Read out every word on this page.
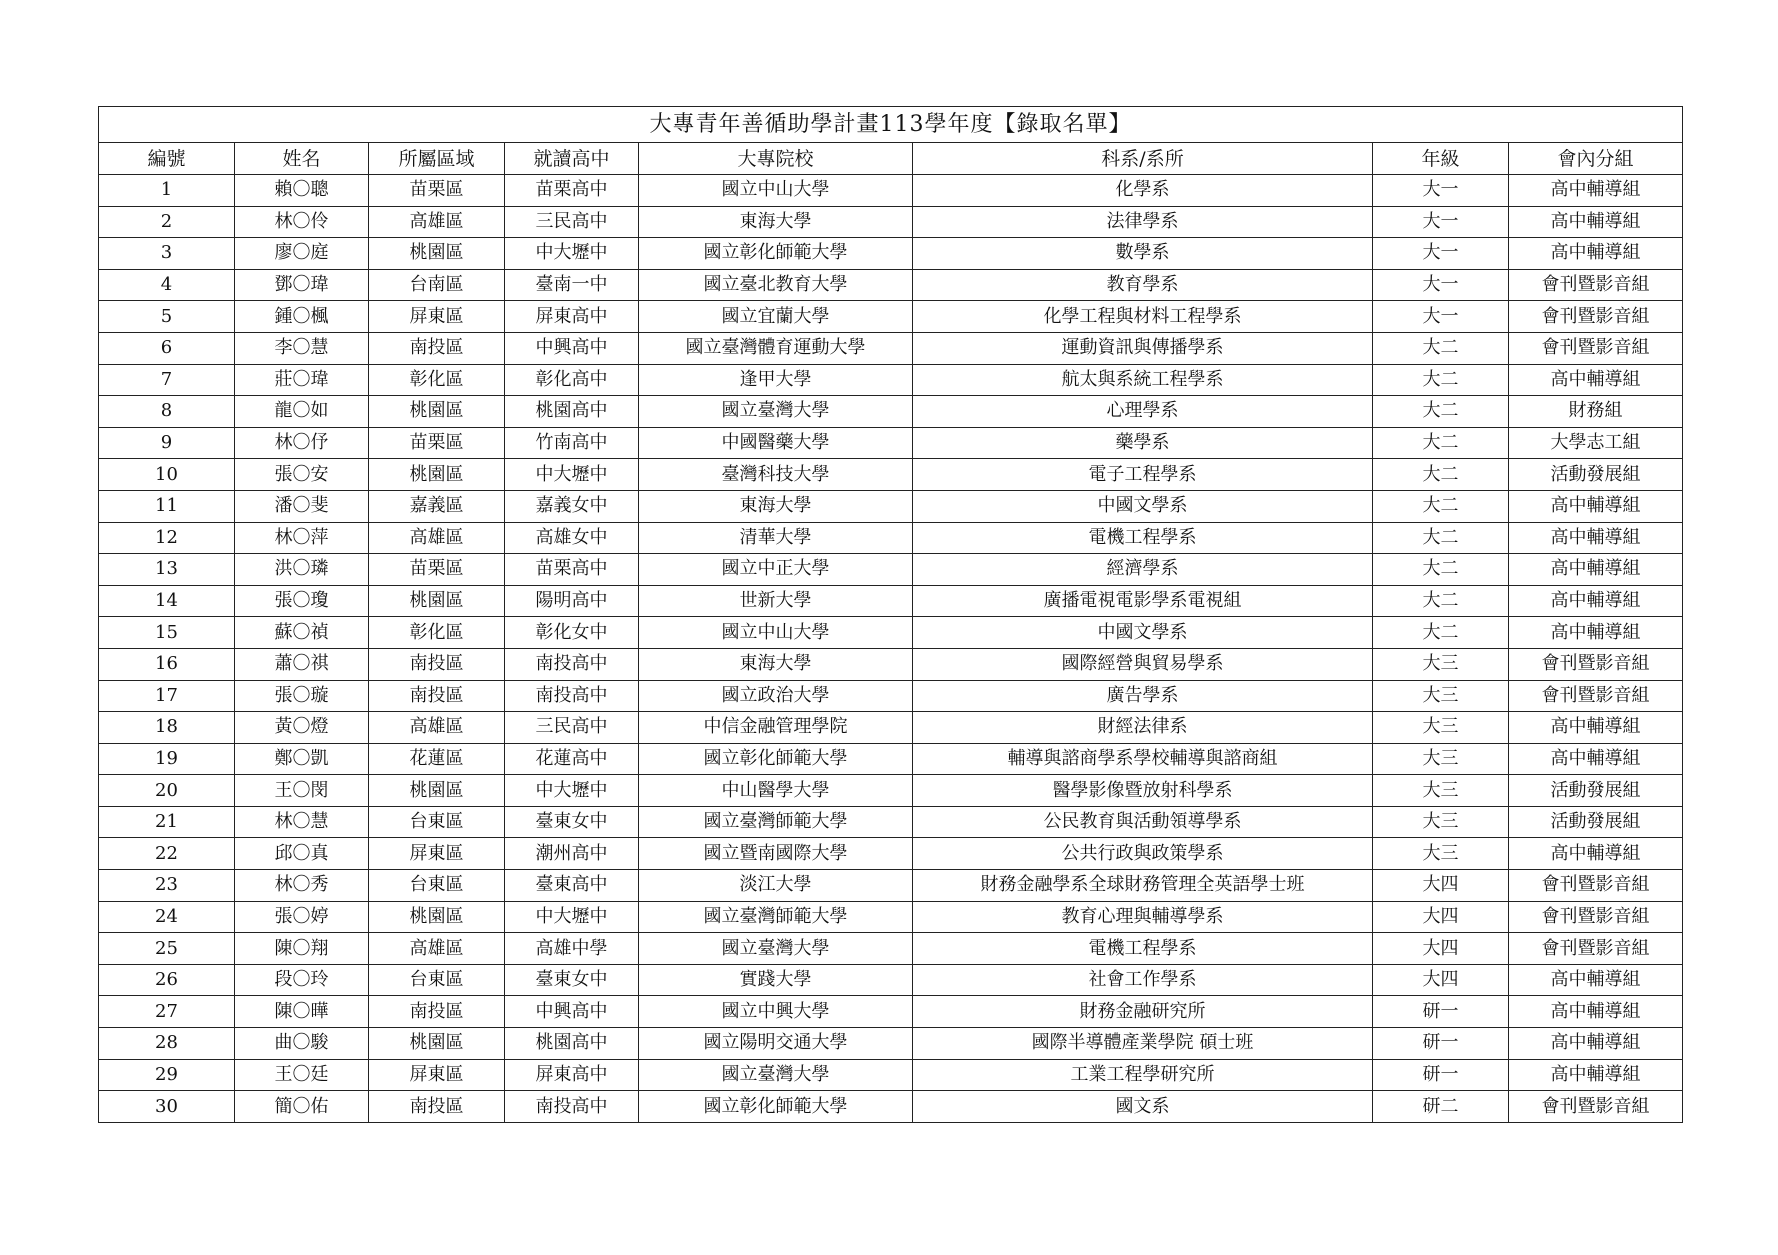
大專青年善循助學計畫113學年度【錄取名單】							
編號	姓名	所屬區域	就讀高中	大專院校	科系/系所	年級	會內分組
1	賴〇聰	苗栗區	苗栗高中	國立中山大學	化學系	大一	高中輔導組
2	林〇伶	高雄區	三民高中	東海大學	法律學系	大一	高中輔導組
3	廖〇庭	桃園區	中大壢中	國立彰化師範大學	數學系	大一	高中輔導組
4	鄧〇瑋	台南區	臺南一中	國立臺北教育大學	教育學系	大一	會刊暨影音組
5	鍾〇楓	屏東區	屏東高中	國立宜蘭大學	化學工程與材料工程學系	大一	會刊暨影音組
6	李〇慧	南投區	中興高中	國立臺灣體育運動大學	運動資訊與傳播學系	大二	會刊暨影音組
7	莊〇瑋	彰化區	彰化高中	逢甲大學	航太與系統工程學系	大二	高中輔導組
8	龍〇如	桃園區	桃園高中	國立臺灣大學	心理學系	大二	財務組
9	林〇伃	苗栗區	竹南高中	中國醫藥大學	藥學系	大二	大學志工組
10	張〇安	桃園區	中大壢中	臺灣科技大學	電子工程學系	大二	活動發展組
11	潘〇斐	嘉義區	嘉義女中	東海大學	中國文學系	大二	高中輔導組
12	林〇萍	高雄區	高雄女中	清華大學	電機工程學系	大二	高中輔導組
13	洪〇璘	苗栗區	苗栗高中	國立中正大學	經濟學系	大二	高中輔導組
14	張〇瓊	桃園區	陽明高中	世新大學	廣播電視電影學系電視組	大二	高中輔導組
15	蘇〇禎	彰化區	彰化女中	國立中山大學	中國文學系	大二	高中輔導組
16	蕭〇祺	南投區	南投高中	東海大學	國際經營與貿易學系	大三	會刊暨影音組
17	張〇璇	南投區	南投高中	國立政治大學	廣告學系	大三	會刊暨影音組
18	黃〇燈	高雄區	三民高中	中信金融管理學院	財經法律系	大三	高中輔導組
19	鄭〇凱	花蓮區	花蓮高中	國立彰化師範大學	輔導與諮商學系學校輔導與諮商組	大三	高中輔導組
20	王〇閔	桃園區	中大壢中	中山醫學大學	醫學影像暨放射科學系	大三	活動發展組
21	林〇慧	台東區	臺東女中	國立臺灣師範大學	公民教育與活動領導學系	大三	活動發展組
22	邱〇真	屏東區	潮州高中	國立暨南國際大學	公共行政與政策學系	大三	高中輔導組
23	林〇秀	台東區	臺東高中	淡江大學	財務金融學系全球財務管理全英語學士班	大四	會刊暨影音組
24	張〇婷	桃園區	中大壢中	國立臺灣師範大學	教育心理與輔導學系	大四	會刊暨影音組
25	陳〇翔	高雄區	高雄中學	國立臺灣大學	電機工程學系	大四	會刊暨影音組
26	段〇玲	台東區	臺東女中	實踐大學	社會工作學系	大四	高中輔導組
27	陳〇曄	南投區	中興高中	國立中興大學	財務金融研究所	研一	高中輔導組
28	曲〇駿	桃園區	桃園高中	國立陽明交通大學	國際半導體產業學院 碩士班	研一	高中輔導組
29	王〇廷	屏東區	屏東高中	國立臺灣大學	工業工程學研究所	研一	高中輔導組
30	簡〇佑	南投區	南投高中	國立彰化師範大學	國文系	研二	會刊暨影音組
